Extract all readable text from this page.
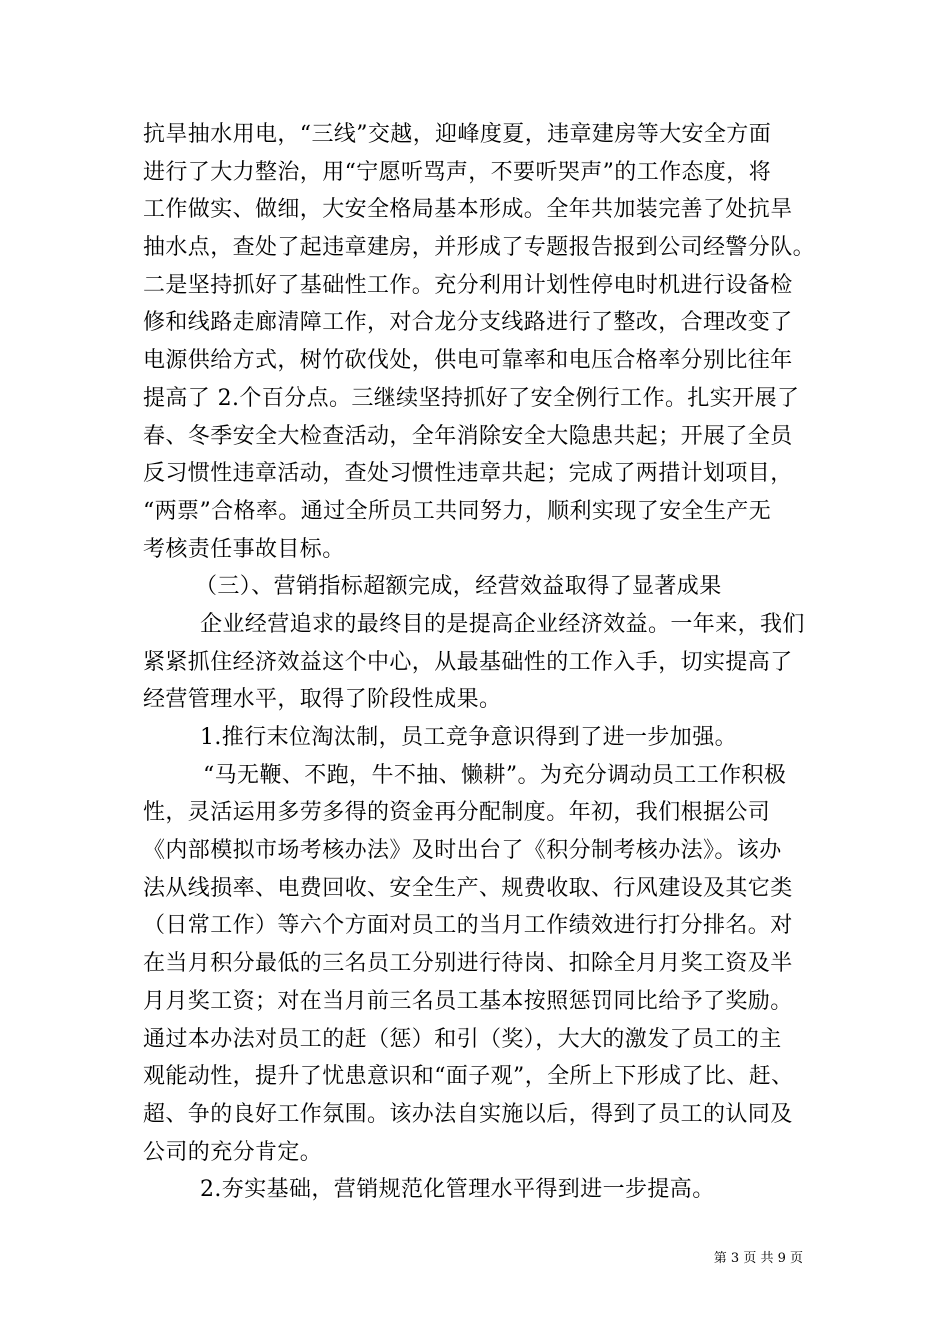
抗旱抽水用电，“三线”交越，迎峰度夏，违章建房等大安全方面
进行了大力整治，用“宁愿听骂声，不要听哭声”的工作态度，将
工作做实、做细，大安全格局基本形成。全年共加装完善了处抗旱
抽水点，查处了起违章建房，并形成了专题报告报到公司经警分队。
二是坚持抓好了基础性工作。充分利用计划性停电时机进行设备检
修和线路走廊清障工作，对合龙分支线路进行了整改，合理改变了
电源供给方式，树竹砍伐处，供电可靠率和电压合格率分别比往年
提高了 2.个百分点。三继续坚持抓好了安全例行工作。扎实开展了
春、冬季安全大检查活动，全年消除安全大隐患共起；开展了全员
反习惯性违章活动，查处习惯性违章共起；完成了两措计划项目，
“两票”合格率。通过全所员工共同努力，顺利实现了安全生产无
考核责任事故目标。
（三）、营销指标超额完成，经营效益取得了显著成果
企业经营追求的最终目的是提高企业经济效益。一年来，我们
紧紧抓住经济效益这个中心，从最基础性的工作入手，切实提高了
经营管理水平，取得了阶段性成果。
1.推行末位淘汰制，员工竞争意识得到了进一步加强。
“马无鞭、不跑，牛不抽、懒耕”。为充分调动员工工作积极
性，灵活运用多劳多得的资金再分配制度。年初，我们根据公司
《内部模拟市场考核办法》及时出台了《积分制考核办法》。该办
法从线损率、电费回收、安全生产、规费收取、行风建设及其它类
（日常工作）等六个方面对员工的当月工作绩效进行打分排名。对
在当月积分最低的三名员工分别进行待岗、扣除全月月奖工资及半
月月奖工资；对在当月前三名员工基本按照惩罚同比给予了奖励。
通过本办法对员工的赶（惩）和引（奖），大大的激发了员工的主
观能动性，提升了忧患意识和“面子观”，全所上下形成了比、赶、
超、争的良好工作氛围。该办法自实施以后，得到了员工的认同及
公司的充分肯定。
2.夯实基础，营销规范化管理水平得到进一步提高。
第 3 页 共 9 页
